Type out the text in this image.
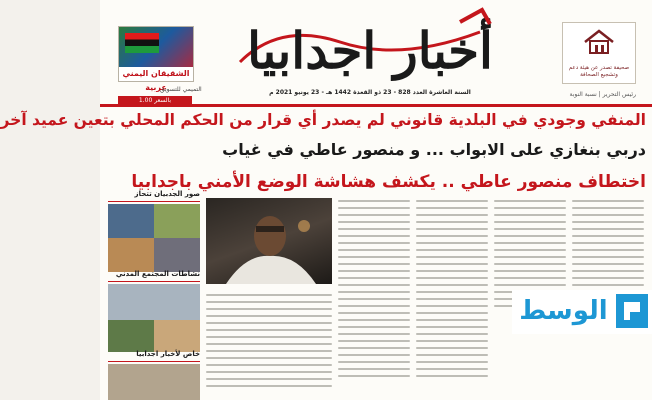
الشقيقان اليمني عربية
التميمي للتسويق
بالسعر 1.00
أخبار اجدابيا
السنة العاشرة العدد 828 - 23 ذو القعدة 1442 هـ - 23 يونيو 2021 م
صحيفة تصدر عن هيئة دعم وتشجيع الصحافة
رئيس التحرير | نسبة النوبة
المنفي وجودي في البلدية قانوني لم يصدر أي قرار من الحكم المحلي بتعين عميد آخر
دربي بنغازي على الابواب ... و منصور عاطي في غياب
اختطاف منصور عاطي .. يكشف هشاشة الوضع الأمني باجدابيا
صور الجدبيان تتحاز
نشاطات المجتمع المدني
خاص لأخبار اجدابيا
الوسط
